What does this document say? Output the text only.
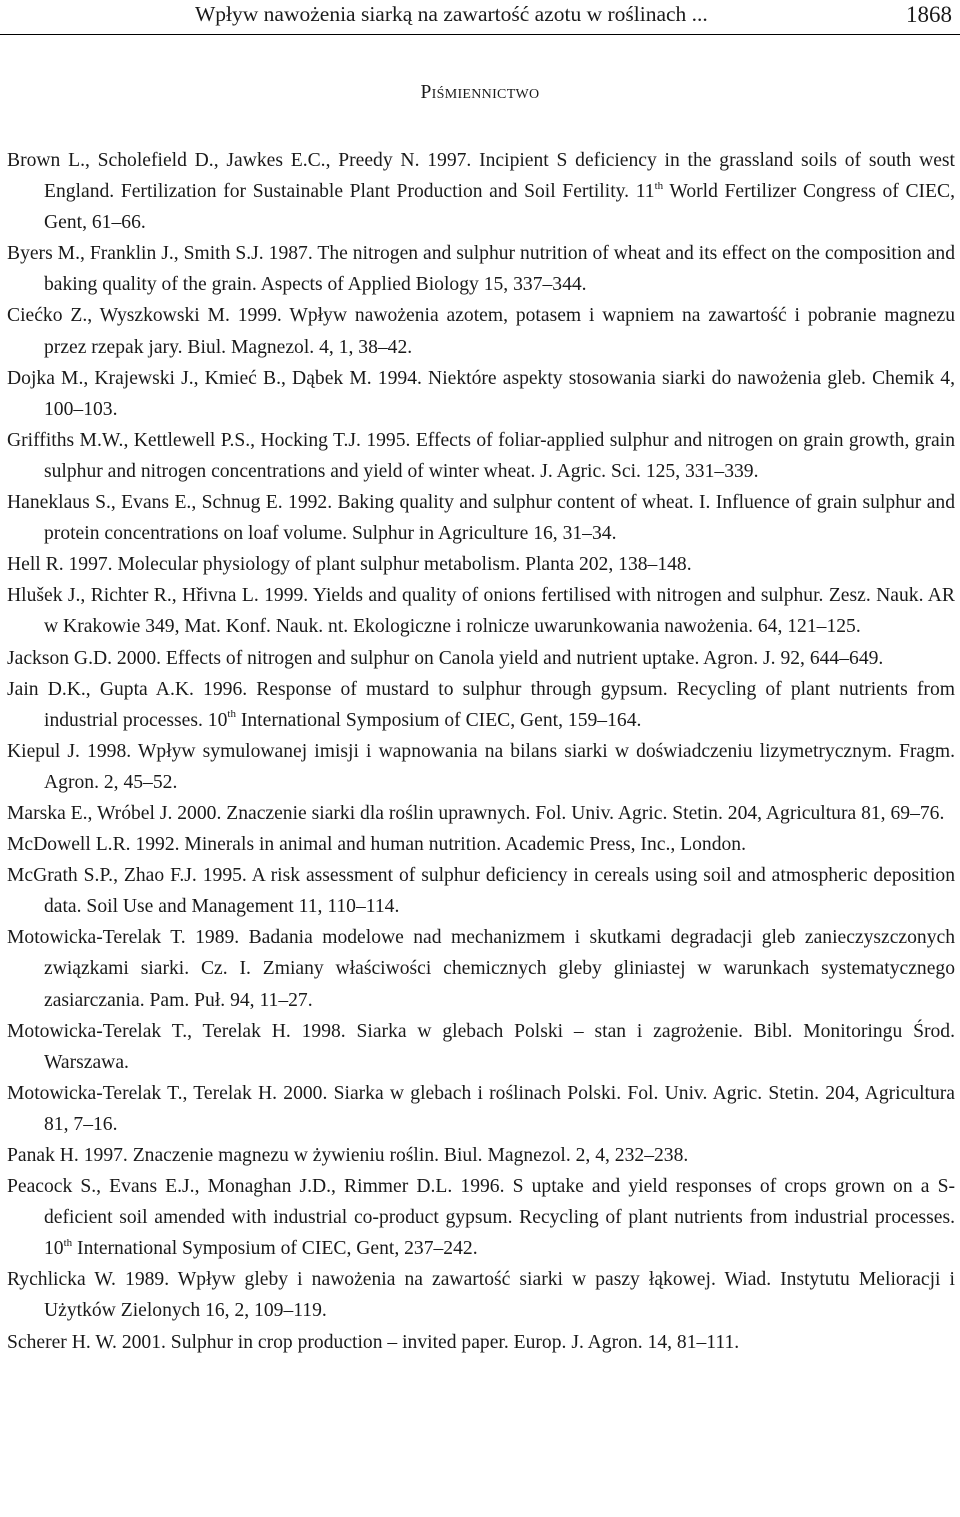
Wpływ nawożenia siarką na zawartość azotu w roślinach ...	1868
Piśmiennictwo
Brown L., Scholefield D., Jawkes E.C., Preedy N. 1997. Incipient S deficiency in the grassland soils of south west England. Fertilization for Sustainable Plant Production and Soil Fertility. 11th World Fertilizer Congress of CIEC, Gent, 61–66.
Byers M., Franklin J., Smith S.J. 1987. The nitrogen and sulphur nutrition of wheat and its effect on the composition and baking quality of the grain. Aspects of Applied Biology 15, 337–344.
Ciećko Z., Wyszkowski M. 1999. Wpływ nawożenia azotem, potasem i wapniem na zawartość i pobranie magnezu przez rzepak jary. Biul. Magnezol. 4, 1, 38–42.
Dojka M., Krajewski J., Kmieć B., Dąbek M. 1994. Niektóre aspekty stosowania siarki do nawożenia gleb. Chemik 4, 100–103.
Griffiths M.W., Kettlewell P.S., Hocking T.J. 1995. Effects of foliar-applied sulphur and nitrogen on grain growth, grain sulphur and nitrogen concentrations and yield of winter wheat. J. Agric. Sci. 125, 331–339.
Haneklaus S., Evans E., Schnug E. 1992. Baking quality and sulphur content of wheat. I. Influence of grain sulphur and protein concentrations on loaf volume. Sulphur in Agriculture 16, 31–34.
Hell R. 1997. Molecular physiology of plant sulphur metabolism. Planta 202, 138–148.
Hlušek J., Richter R., Hřivna L. 1999. Yields and quality of onions fertilised with nitrogen and sulphur. Zesz. Nauk. AR w Krakowie 349, Mat. Konf. Nauk. nt. Ekologiczne i rolnicze uwarunkowania nawożenia. 64, 121–125.
Jackson G.D. 2000. Effects of nitrogen and sulphur on Canola yield and nutrient uptake. Agron. J. 92, 644–649.
Jain D.K., Gupta A.K. 1996. Response of mustard to sulphur through gypsum. Recycling of plant nutrients from industrial processes. 10th International Symposium of CIEC, Gent, 159–164.
Kiepul J. 1998. Wpływ symulowanej imisji i wapnowania na bilans siarki w doświadczeniu lizymetrycznym. Fragm. Agron. 2, 45–52.
Marska E., Wróbel J. 2000. Znaczenie siarki dla roślin uprawnych. Fol. Univ. Agric. Stetin. 204, Agricultura 81, 69–76.
McDowell L.R. 1992. Minerals in animal and human nutrition. Academic Press, Inc., London.
McGrath S.P., Zhao F.J. 1995. A risk assessment of sulphur deficiency in cereals using soil and atmospheric deposition data. Soil Use and Management 11, 110–114.
Motowicka-Terelak T. 1989. Badania modelowe nad mechanizmem i skutkami degradacji gleb zanieczyszczonych związkami siarki. Cz. I. Zmiany właściwości chemicznych gleby gliniastej w warunkach systematycznego zasiarczania. Pam. Puł. 94, 11–27.
Motowicka-Terelak T., Terelak H. 1998. Siarka w glebach Polski – stan i zagrożenie. Bibl. Monitoringu Środ. Warszawa.
Motowicka-Terelak T., Terelak H. 2000. Siarka w glebach i roślinach Polski. Fol. Univ. Agric. Stetin. 204, Agricultura 81, 7–16.
Panak H. 1997. Znaczenie magnezu w żywieniu roślin. Biul. Magnezol. 2, 4, 232–238.
Peacock S., Evans E.J., Monaghan J.D., Rimmer D.L. 1996. S uptake and yield responses of crops grown on a S-deficient soil amended with industrial co-product gypsum. Recycling of plant nutrients from industrial processes. 10th International Symposium of CIEC, Gent, 237–242.
Rychlicka W. 1989. Wpływ gleby i nawożenia na zawartość siarki w paszy łąkowej. Wiad. Instytutu Melioracji i Użytków Zielonych 16, 2, 109–119.
Scherer H. W. 2001. Sulphur in crop production – invited paper. Europ. J. Agron. 14, 81–111.
